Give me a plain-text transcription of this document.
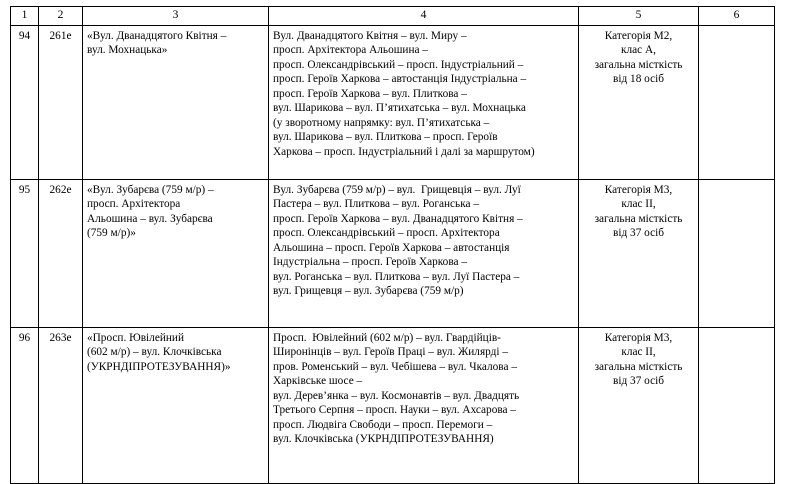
1	2	3	4	5	6
94	261е	«Вул. Дванадцятого Квітня –
вул. Мохнацька»

Вул. Дванадцятого Квітня – вул. Миру –
просп. Архітектора Альошина –
просп. Олександрівський – просп. Індустріальний –
просп. Героїв Харкова – автостанція Індустріальна –
просп. Героїв Харкова – вул. Плиткова –
вул. Шарикова – вул. П’ятихатська – вул. Мохнацька
(у зворотному напрямку: вул. П’ятихатська –
вул. Шарикова – вул. Плиткова – просп. Героїв
Харкова – просп. Індустріальний і далі за маршрутом)

Категорія М2,
клас А,
загальна місткість
від 18 осіб

95	262е	«Вул. Зубарєва (759 м/р) –
просп. Архітектора
Альошина – вул. Зубарєва
(759 м/р)»

Вул. Зубарєва (759 м/р) – вул.  Грищевція – вул. Луї
Пастера – вул. Плиткова – вул. Роганська –
просп. Героїв Харкова – вул. Дванадцятого Квітня –
просп. Олександрівський – просп. Архітектора
Альошина – просп. Героїв Харкова – автостанція
Індустріальна – просп. Героїв Харкова –
вул. Роганська – вул. Плиткова – вул. Луї Пастера –
вул. Грищевця – вул. Зубарєва (759 м/р)

Категорія М3,
клас ІІ,
загальна місткість
від 37 осіб

96	263е	«Просп. Ювілейний
(602 м/р) – вул. Клочківська
(УКРНДІПРОТЕЗУВАННЯ)»

Просп.  Ювілейний (602 м/р) – вул. Гвардійців-
Широнінців – вул. Героїв Праці – вул. Жилярді –
пров. Роменський – вул. Чебішева – вул. Чкалова –
Харківське шосе –
вул. Дерев’янка – вул. Космонавтів – вул. Двадцять
Третього Серпня – просп. Науки – вул. Ахсарова –
просп. Людвіга Свободи – просп. Перемоги –
вул. Клочківська (УКРНДІПРОТЕЗУВАННЯ)

Категорія М3,
клас ІІ,
загальна місткість
від 37 осіб
